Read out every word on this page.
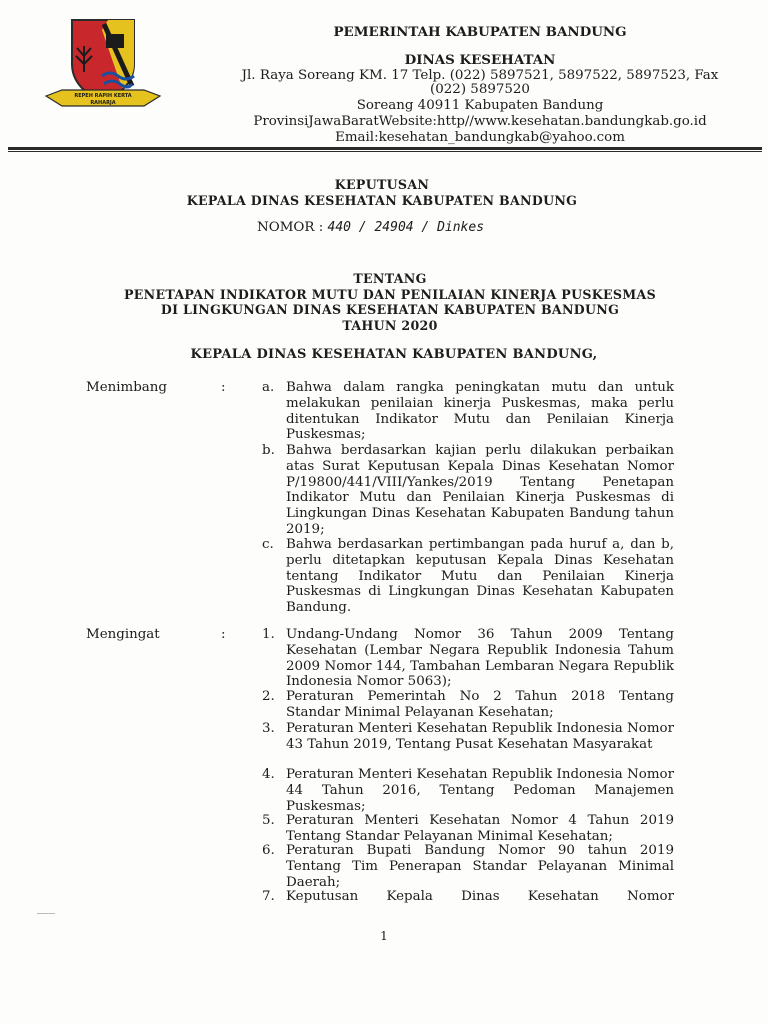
REPEH RAPIH KERTA RAHARJA
PEMERINTAH KABUPATEN BANDUNG
DINAS KESEHATAN
Jl. Raya Soreang KM. 17 Telp. (022) 5897521, 5897522, 5897523, Fax
(022) 5897520
Soreang 40911 Kabupaten Bandung
ProvinsiJawaBaratWebsite:http//www.kesehatan.bandungkab.go.id
Email:kesehatan_bandungkab@yahoo.com
KEPUTUSAN
KEPALA DINAS KESEHATAN KABUPATEN BANDUNG
NOMOR : 440 / 24904 / Dinkes
TENTANG
PENETAPAN INDIKATOR MUTU DAN PENILAIAN KINERJA PUSKESMAS
DI LINGKUNGAN DINAS KESEHATAN KABUPATEN BANDUNG
TAHUN 2020
KEPALA DINAS KESEHATAN KABUPATEN BANDUNG,
Menimbang	:	a. Bahwa dalam rangka peningkatan mutu dan untuk melakukan penilaian kinerja Puskesmas, maka perlu ditentukan Indikator Mutu dan Penilaian Kinerja Puskesmas;
b. Bahwa berdasarkan kajian perlu dilakukan perbaikan atas Surat Keputusan Kepala Dinas Kesehatan Nomor P/19800/441/VIII/Yankes/2019 Tentang Penetapan Indikator Mutu dan Penilaian Kinerja Puskesmas di Lingkungan Dinas Kesehatan Kabupaten Bandung tahun 2019;
c. Bahwa berdasarkan pertimbangan pada huruf a, dan b, perlu ditetapkan keputusan Kepala Dinas Kesehatan tentang Indikator Mutu dan Penilaian Kinerja Puskesmas di Lingkungan Dinas Kesehatan Kabupaten Bandung.
Mengingat	:	1. Undang-Undang Nomor 36 Tahun 2009 Tentang Kesehatan (Lembar Negara Republik Indonesia Tahum 2009 Nomor 144, Tambahan Lembaran Negara Republik Indonesia Nomor 5063);
2. Peraturan Pemerintah No 2 Tahun 2018 Tentang Standar Minimal Pelayanan Kesehatan;
3. Peraturan Menteri Kesehatan Republik Indonesia Nomor 43 Tahun 2019, Tentang Pusat Kesehatan Masyarakat
4. Peraturan Menteri Kesehatan Republik Indonesia Nomor 44 Tahun 2016, Tentang Pedoman Manajemen Puskesmas;
5. Peraturan Menteri Kesehatan Nomor 4 Tahun 2019 Tentang Standar Pelayanan Minimal Kesehatan;
6. Peraturan Bupati Bandung Nomor 90 tahun 2019 Tentang Tim Penerapan Standar Pelayanan Minimal Daerah;
7. Keputusan Kepala Dinas Kesehatan Nomor
1
